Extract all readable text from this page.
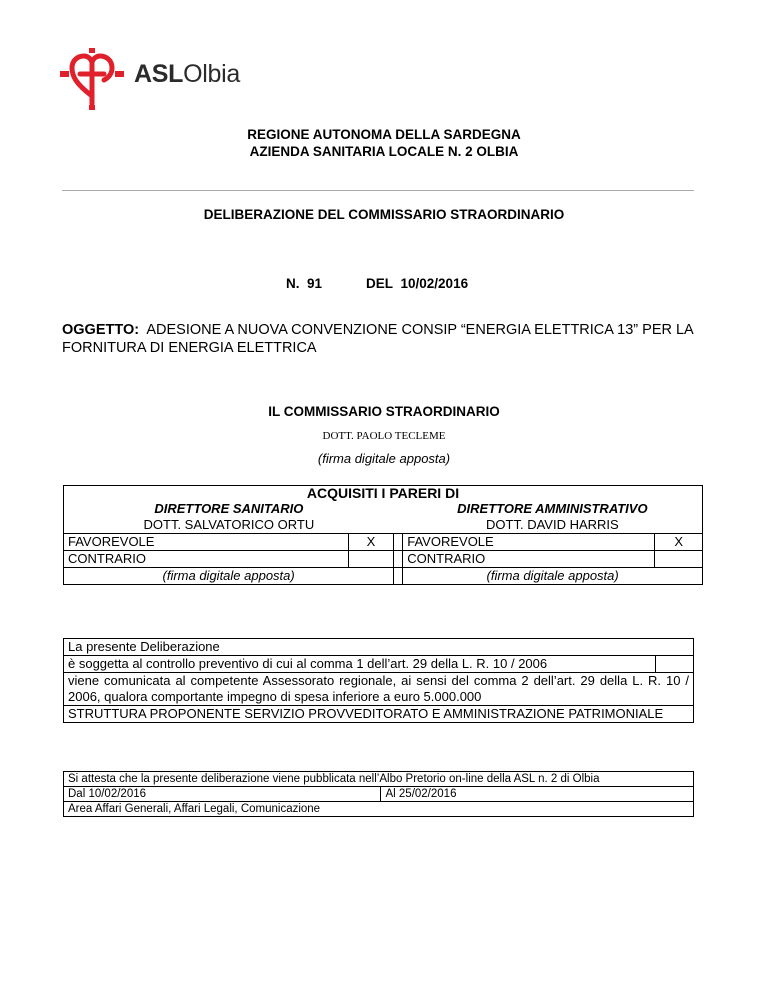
ASLOlbia
REGIONE AUTONOMA DELLA SARDEGNA
AZIENDA SANITARIA LOCALE N. 2 OLBIA
DELIBERAZIONE DEL COMMISSARIO STRAORDINARIO
N. 91	DEL 10/02/2016
OGGETTO: ADESIONE A NUOVA CONVENZIONE CONSIP “ENERGIA ELETTRICA 13” PER LA FORNITURA DI ENERGIA ELETTRICA
IL COMMISSARIO STRAORDINARIO
DOTT. PAOLO TECLEME
(firma digitale apposta)
ACQUISITI I PARERI DI				
DIRETTORE SANITARIO			DIRETTORE AMMINISTRATIVO	
DOTT. SALVATORICO ORTU			DOTT. DAVID HARRIS	
FAVOREVOLE	X		FAVOREVOLE	X
CONTRARIO			CONTRARIO	
(firma digitale apposta)			(firma digitale apposta)	
La presente Deliberazione
è soggetta al controllo preventivo di cui al comma 1 dell’art. 29 della L. R. 10 / 2006	
viene comunicata al competente Assessorato regionale, ai sensi del comma 2 dell’art. 29 della L. R. 10 / 2006, qualora comportante impegno di spesa inferiore a euro 5.000.000
STRUTTURA PROPONENTE SERVIZIO PROVVEDITORATO E AMMINISTRAZIONE PATRIMONIALE
Si attesta che la presente deliberazione viene pubblicata nell’Albo Pretorio on-line della ASL n. 2 di Olbia
Dal 10/02/2016	Al 25/02/2016
Area Affari Generali, Affari Legali, Comunicazione
